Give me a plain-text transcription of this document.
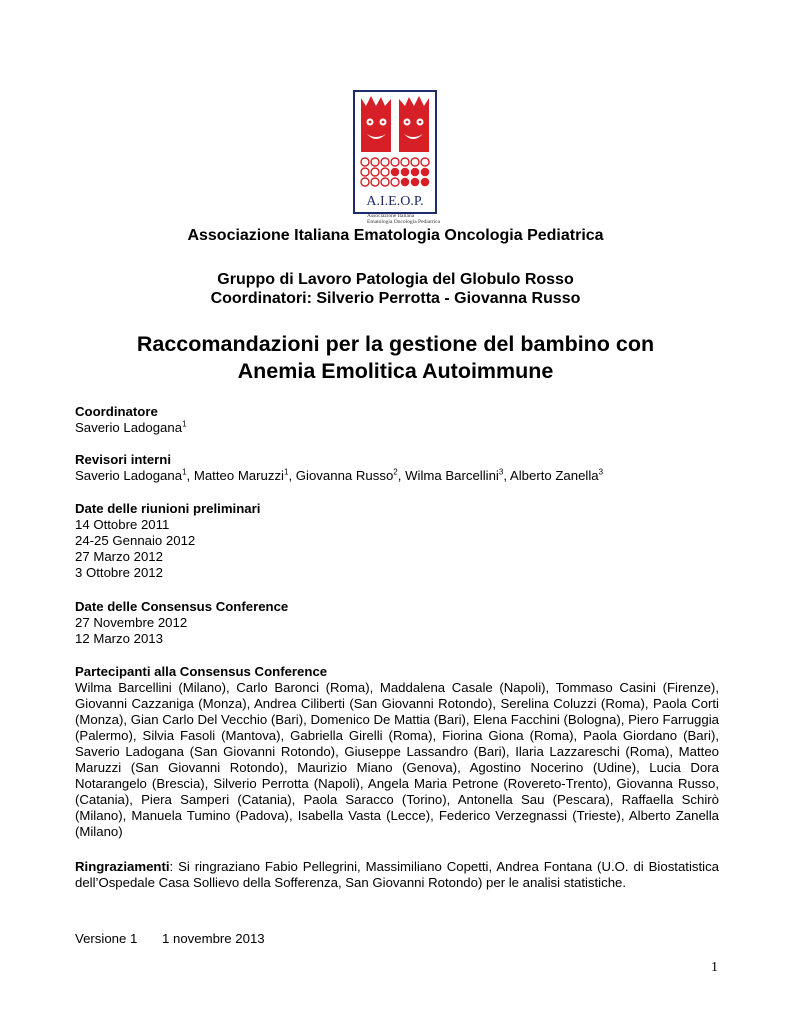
A.I.E.O.P.
Associazione Italiana
Ematologia Oncologia Pediatrica
Associazione Italiana Ematologia Oncologia Pediatrica
Gruppo di Lavoro Patologia del Globulo Rosso
Coordinatori: Silverio Perrotta - Giovanna Russo
Raccomandazioni per la gestione del bambino con
Anemia Emolitica Autoimmune
Coordinatore
Saverio Ladogana$^1$
Revisori interni
Saverio Ladogana$^1$, Matteo Maruzzi$^1$, Giovanna Russo$^2$, Wilma Barcellini$^3$, Alberto Zanella$^3$
Date delle riunioni preliminari
14 Ottobre 2011
24-25 Gennaio 2012
27 Marzo 2012
3 Ottobre 2012
Date delle Consensus Conference
27 Novembre 2012
12 Marzo 2013
Partecipanti alla Consensus Conference
Wilma Barcellini (Milano), Carlo Baronci (Roma), Maddalena Casale (Napoli), Tommaso Casini (Firenze), Giovanni Cazzaniga (Monza), Andrea Ciliberti (San Giovanni Rotondo), Serelina Coluzzi (Roma), Paola Corti (Monza), Gian Carlo Del Vecchio (Bari), Domenico De Mattia (Bari), Elena Facchini (Bologna), Piero Farruggia (Palermo), Silvia Fasoli (Mantova), Gabriella Girelli (Roma), Fiorina Giona (Roma), Paola Giordano (Bari), Saverio Ladogana (San Giovanni Rotondo), Giuseppe Lassandro (Bari), Ilaria Lazzareschi (Roma), Matteo Maruzzi (San Giovanni Rotondo), Maurizio Miano (Genova), Agostino Nocerino (Udine), Lucia Dora Notarangelo (Brescia), Silverio Perrotta (Napoli), Angela Maria Petrone (Rovereto-Trento), Giovanna Russo, (Catania), Piera Samperi (Catania), Paola Saracco (Torino), Antonella Sau (Pescara), Raffaella Schirò (Milano), Manuela Tumino (Padova), Isabella Vasta (Lecce), Federico Verzegnassi (Trieste), Alberto Zanella (Milano)
Ringraziamenti: Si ringraziano Fabio Pellegrini, Massimiliano Copetti, Andrea Fontana (U.O. di Biostatistica dell’Ospedale Casa Sollievo della Sofferenza, San Giovanni Rotondo) per le analisi statistiche.
Versione 1 1 novembre 2013
1
